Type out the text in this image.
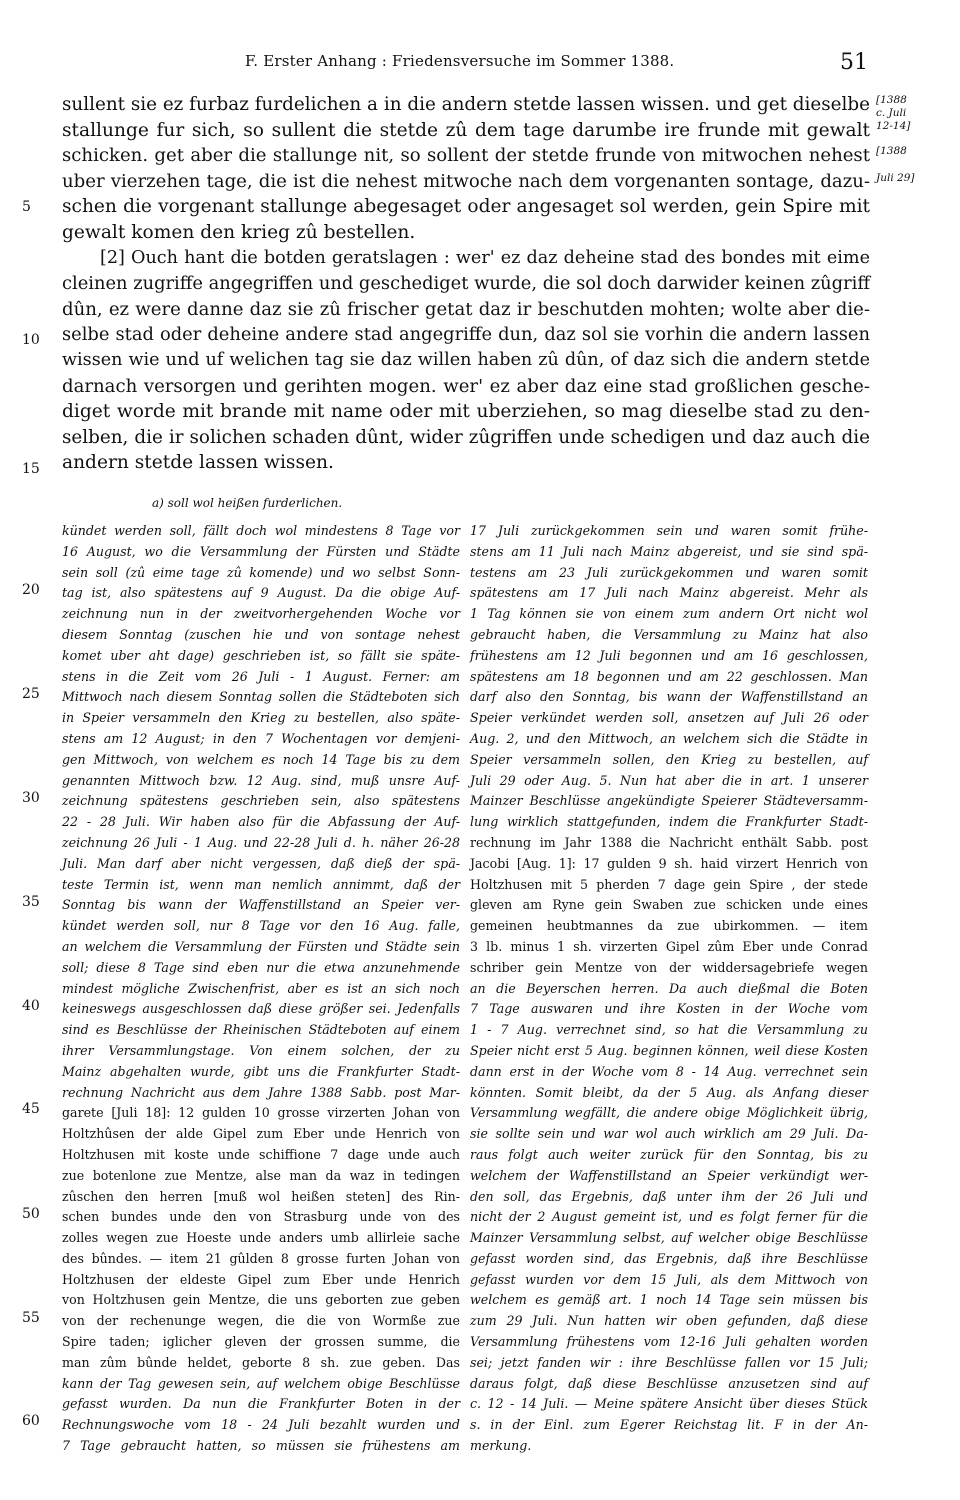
F. Erster Anhang : Friedensversuche im Sommer 1388.	51
[1388
c. Juli
12-14]
[1388
Juli 29]
5
10
15
20
25
30
35
40
45
50
55
60
sullent sie ez furbaz furdelichen a in die andern stetde lassen wissen. und get dieselbe
stallunge fur sich, so sullent die stetde zû dem tage darumbe ire frunde mit gewalt
schicken. get aber die stallunge nit, so sollent der stetde frunde von mitwochen nehest
uber vierzehen tage, die ist die nehest mitwoche nach dem vorgenanten sontage, dazu-
schen die vorgenant stallunge abegesaget oder angesaget sol werden, gein Spire mit
gewalt komen den krieg zû bestellen.
[2] Ouch hant die botden geratslagen : wer' ez daz deheine stad des bondes mit eime
cleinen zugriffe angegriffen und geschediget wurde, die sol doch darwider keinen zûgriff
dûn, ez were danne daz sie zû frischer getat daz ir beschutden mohten; wolte aber die-
selbe stad oder deheine andere stad angegriffe dun, daz sol sie vorhin die andern lassen
wissen wie und uf welichen tag sie daz willen haben zû dûn, of daz sich die andern stetde
darnach versorgen und gerihten mogen. wer' ez aber daz eine stad großlichen gesche-
diget worde mit brande mit name oder mit uberziehen, so mag dieselbe stad zu den-
selben, die ir solichen schaden dûnt, wider zûgriffen unde schedigen und daz auch die
andern stetde lassen wissen.
a) soll wol heißen furderlichen.
kündet werden soll, fällt doch wol mindestens 8 Tage vor
16 August, wo die Versammlung der Fürsten und Städte
sein soll (zû eime tage zû komende) und wo selbst Sonn-
tag ist, also spätestens auf 9 August. Da die obige Auf-
zeichnung nun in der zweitvorhergehenden Woche vor
diesem Sonntag (zuschen hie und von sontage nehest
komet uber aht dage) geschrieben ist, so fällt sie späte-
stens in die Zeit vom 26 Juli - 1 August. Ferner: am
Mittwoch nach diesem Sonntag sollen die Städteboten sich
in Speier versammeln den Krieg zu bestellen, also späte-
stens am 12 August; in den 7 Wochentagen vor demjeni-
gen Mittwoch, von welchem es noch 14 Tage bis zu dem
genannten Mittwoch bzw. 12 Aug. sind, muß unsre Auf-
zeichnung spätestens geschrieben sein, also spätestens
22 - 28 Juli. Wir haben also für die Abfassung der Auf-
zeichnung 26 Juli - 1 Aug. und 22-28 Juli d. h. näher 26-28
Juli. Man darf aber nicht vergessen, daß dieß der spä-
teste Termin ist, wenn man nemlich annimmt, daß der
Sonntag bis wann der Waffenstillstand an Speier ver-
kündet werden soll, nur 8 Tage vor den 16 Aug. falle,
an welchem die Versammlung der Fürsten und Städte sein
soll; diese 8 Tage sind eben nur die etwa anzunehmende
mindest mögliche Zwischenfrist, aber es ist an sich noch
keineswegs ausgeschlossen daß diese größer sei. Jedenfalls
sind es Beschlüsse der Rheinischen Städteboten auf einem
ihrer Versammlungstage. Von einem solchen, der zu
Mainz abgehalten wurde, gibt uns die Frankfurter Stadt-
rechnung Nachricht aus dem Jahre 1388 Sabb. post Mar-
garete [Juli 18]: 12 gulden 10 grosse virzerten Johan von
Holtzhûsen der alde Gipel zum Eber unde Henrich von
Holtzhusen mit koste unde schiffione 7 dage unde auch
zue botenlone zue Mentze, alse man da waz in tedingen
zûschen den herren [muß wol heißen steten] des Rin-
schen bundes unde den von Strasburg unde von des
zolles wegen zue Hoeste unde anders umb allirleie sache
des bûndes. — item 21 gûlden 8 grosse furten Johan von
Holtzhusen der eldeste Gipel zum Eber unde Henrich
von Holtzhusen gein Mentze, die uns geborten zue geben
von der rechenunge wegen, die die von Wormße zue
Spire taden; iglicher gleven der grossen summe, die
man zûm bûnde heldet, geborte 8 sh. zue geben. Das
kann der Tag gewesen sein, auf welchem obige Beschlüsse
gefasst wurden. Da nun die Frankfurter Boten in der
Rechnungswoche vom 18 - 24 Juli bezahlt wurden und
7 Tage gebraucht hatten, so müssen sie frühestens am
17 Juli zurückgekommen sein und waren somit frühe-
stens am 11 Juli nach Mainz abgereist, und sie sind spä-
testens am 23 Juli zurückgekommen und waren somit
spätestens am 17 Juli nach Mainz abgereist. Mehr als
1 Tag können sie von einem zum andern Ort nicht wol
gebraucht haben, die Versammlung zu Mainz hat also
frühestens am 12 Juli begonnen und am 16 geschlossen,
spätestens am 18 begonnen und am 22 geschlossen. Man
darf also den Sonntag, bis wann der Waffenstillstand an
Speier verkündet werden soll, ansetzen auf Juli 26 oder
Aug. 2, und den Mittwoch, an welchem sich die Städte in
Speier versammeln sollen, den Krieg zu bestellen, auf
Juli 29 oder Aug. 5. Nun hat aber die in art. 1 unserer
Mainzer Beschlüsse angekündigte Speierer Städteversamm-
lung wirklich stattgefunden, indem die Frankfurter Stadt-
rechnung im Jahr 1388 die Nachricht enthält Sabb. post
Jacobi [Aug. 1]: 17 gulden 9 sh. haid virzert Henrich von
Holtzhusen mit 5 pherden 7 dage gein Spire , der stede
gleven am Ryne gein Swaben zue schicken unde eines
gemeinen heubtmannes da zue ubirkommen. — item
3 lb. minus 1 sh. virzerten Gipel zûm Eber unde Conrad
schriber gein Mentze von der widdersagebriefe wegen
an die Beyerschen herren. Da auch dießmal die Boten
7 Tage auswaren und ihre Kosten in der Woche vom
1 - 7 Aug. verrechnet sind, so hat die Versammlung zu
Speier nicht erst 5 Aug. beginnen können, weil diese Kosten
dann erst in der Woche vom 8 - 14 Aug. verrechnet sein
könnten. Somit bleibt, da der 5 Aug. als Anfang dieser
Versammlung wegfällt, die andere obige Möglichkeit übrig,
sie sollte sein und war wol auch wirklich am 29 Juli. Da-
raus folgt auch weiter zurück für den Sonntag, bis zu
welchem der Waffenstillstand an Speier verkündigt wer-
den soll, das Ergebnis, daß unter ihm der 26 Juli und
nicht der 2 August gemeint ist, und es folgt ferner für die
Mainzer Versammlung selbst, auf welcher obige Beschlüsse
gefasst worden sind, das Ergebnis, daß ihre Beschlüsse
gefasst wurden vor dem 15 Juli, als dem Mittwoch von
welchem es gemäß art. 1 noch 14 Tage sein müssen bis
zum 29 Juli. Nun hatten wir oben gefunden, daß diese
Versammlung frühestens vom 12-16 Juli gehalten worden
sei; jetzt fanden wir : ihre Beschlüsse fallen vor 15 Juli;
daraus folgt, daß diese Beschlüsse anzusetzen sind auf
c. 12 - 14 Juli. — Meine spätere Ansicht über dieses Stück
s. in der Einl. zum Egerer Reichstag lit. F in der An-
merkung.
